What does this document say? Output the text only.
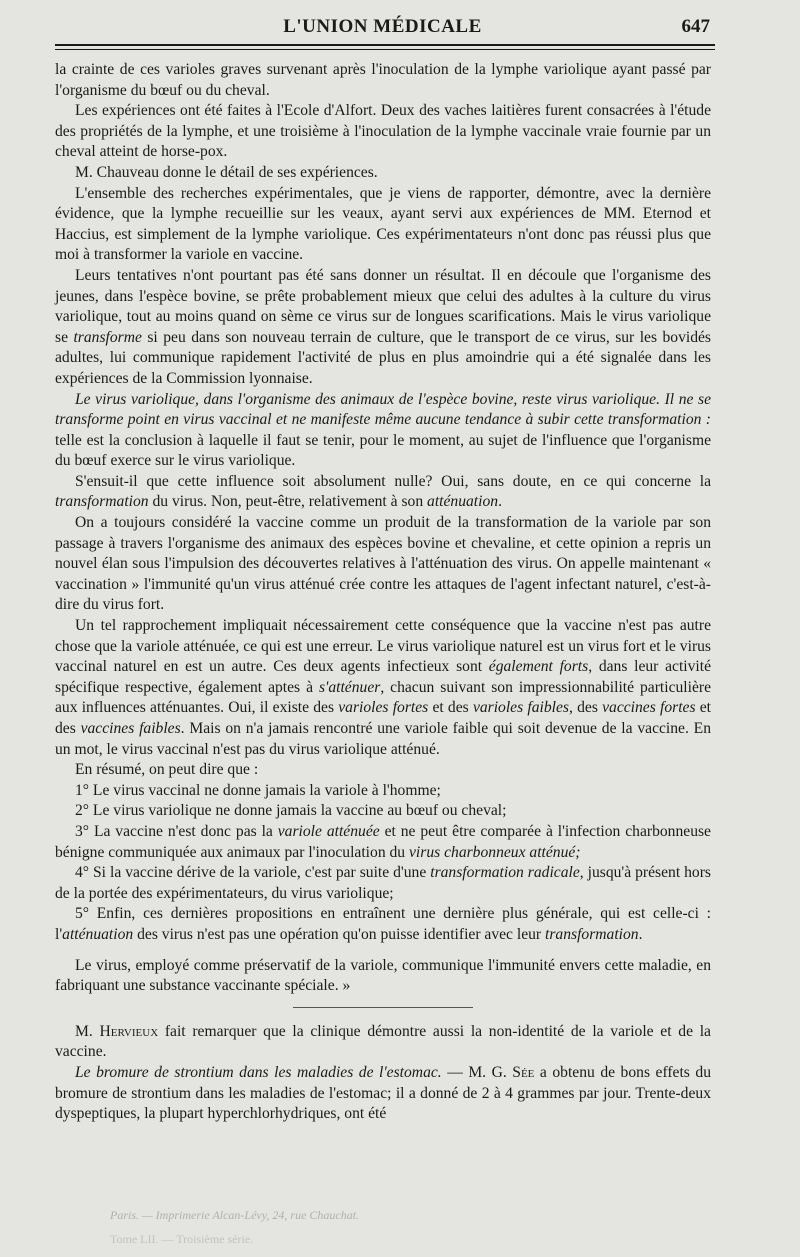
L'UNION MÉDICALE	647

la crainte de ces varioles graves survenant après l'inoculation de la lymphe variolique ayant passé par l'organisme du bœuf ou du cheval.

Les expériences ont été faites à l'Ecole d'Alfort. Deux des vaches laitières furent consacrées à l'étude des propriétés de la lymphe, et une troisième à l'inoculation de la lymphe vaccinale vraie fournie par un cheval atteint de horse-pox.

M. Chauveau donne le détail de ses expériences.

L'ensemble des recherches expérimentales, que je viens de rapporter, démontre, avec la dernière évidence, que la lymphe recueillie sur les veaux, ayant servi aux expériences de MM. Eternod et Haccius, est simplement de la lymphe variolique. Ces expérimentateurs n'ont donc pas réussi plus que moi à transformer la variole en vaccine.

Leurs tentatives n'ont pourtant pas été sans donner un résultat. Il en découle que l'organisme des jeunes, dans l'espèce bovine, se prête probablement mieux que celui des adultes à la culture du virus variolique, tout au moins quand on sème ce virus sur de longues scarifications. Mais le virus variolique se transforme si peu dans son nouveau terrain de culture, que le transport de ce virus, sur les bovidés adultes, lui communique rapidement l'activité de plus en plus amoindrie qui a été signalée dans les expériences de la Commission lyonnaise.

Le virus variolique, dans l'organisme des animaux de l'espèce bovine, reste virus variolique. Il ne se transforme point en virus vaccinal et ne manifeste même aucune tendance à subir cette transformation : telle est la conclusion à laquelle il faut se tenir, pour le moment, au sujet de l'influence que l'organisme du bœuf exerce sur le virus variolique.

S'ensuit-il que cette influence soit absolument nulle? Oui, sans doute, en ce qui concerne la transformation du virus. Non, peut-être, relativement à son atténuation.

On a toujours considéré la vaccine comme un produit de la transformation de la variole par son passage à travers l'organisme des animaux des espèces bovine et chevaline, et cette opinion a repris un nouvel élan sous l'impulsion des découvertes relatives à l'atténuation des virus. On appelle maintenant « vaccination » l'immunité qu'un virus atténué crée contre les attaques de l'agent infectant naturel, c'est-à-dire du virus fort.

Un tel rapprochement impliquait nécessairement cette conséquence que la vaccine n'est pas autre chose que la variole atténuée, ce qui est une erreur. Le virus variolique naturel est un virus fort et le virus vaccinal naturel en est un autre. Ces deux agents infectieux sont également forts, dans leur activité spécifique respective, également aptes à s'atténuer, chacun suivant son impressionnabilité particulière aux influences atténuantes. Oui, il existe des varioles fortes et des varioles faibles, des vaccines fortes et des vaccines faibles. Mais on n'a jamais rencontré une variole faible qui soit devenue de la vaccine. En un mot, le virus vaccinal n'est pas du virus variolique atténué.

En résumé, on peut dire que :

1° Le virus vaccinal ne donne jamais la variole à l'homme;

2° Le virus variolique ne donne jamais la vaccine au bœuf ou cheval;

3° La vaccine n'est donc pas la variole atténuée et ne peut être comparée à l'infection charbonneuse bénigne communiquée aux animaux par l'inoculation du virus charbonneux atténué;

4° Si la vaccine dérive de la variole, c'est par suite d'une transformation radicale, jusqu'à présent hors de la portée des expérimentateurs, du virus variolique;

5° Enfin, ces dernières propositions en entraînent une dernière plus générale, qui est celle-ci : l'atténuation des virus n'est pas une opération qu'on puisse identifier avec leur transformation.

Le virus, employé comme préservatif de la variole, communique l'immunité envers cette maladie, en fabriquant une substance vaccinante spéciale. »

M. Hervieux fait remarquer que la clinique démontre aussi la non-identité de la variole et de la vaccine.

Le bromure de strontium dans les maladies de l'estomac. — M. G. Sée a obtenu de bons effets du bromure de strontium dans les maladies de l'estomac; il a donné de 2 à 4 grammes par jour. Trente-deux dyspeptiques, la plupart hyperchlorhydriques, ont été

Paris. — Imprimerie Alcan-Lévy, 24, rue Chauchat.
Tome LII. — Troisième série.
